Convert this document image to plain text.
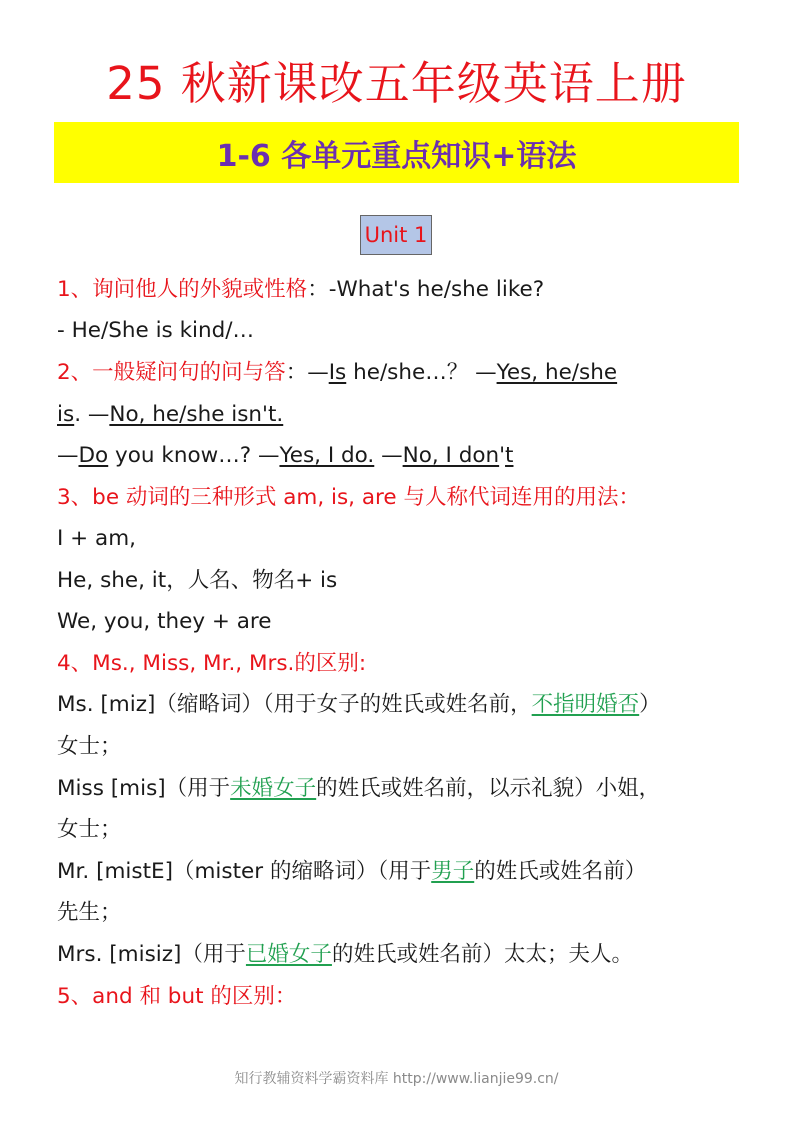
25 秋新课改五年级英语上册
1-6 各单元重点知识+语法
Unit 1
1、询问他人的外貌或性格：-What's he/she like?
- He/She is kind/…
2、一般疑问句的问与答：—Is he/she…？ —Yes, he/she
is. —No, he/she isn't.
—Do you know…? —Yes, I do. —No, I don't
3、be 动词的三种形式 am, is, are 与人称代词连用的用法：
I + am,
He, she, it，人名、物名+ is
We, you, they + are
4、Ms., Miss, Mr., Mrs.的区别:
Ms. [miz]（缩略词）（用于女子的姓氏或姓名前，不指明婚否）
女士；
Miss [mis]（用于未婚女子的姓氏或姓名前，以示礼貌）小姐，
女士；
Mr. [mistE]（mister 的缩略词）（用于男子的姓氏或姓名前）
先生；
Mrs. [misiz]（用于已婚女子的姓氏或姓名前）太太；夫人。
5、and 和 but 的区别：
知行教辅资料学霸资料库 http://www.lianjie99.cn/
